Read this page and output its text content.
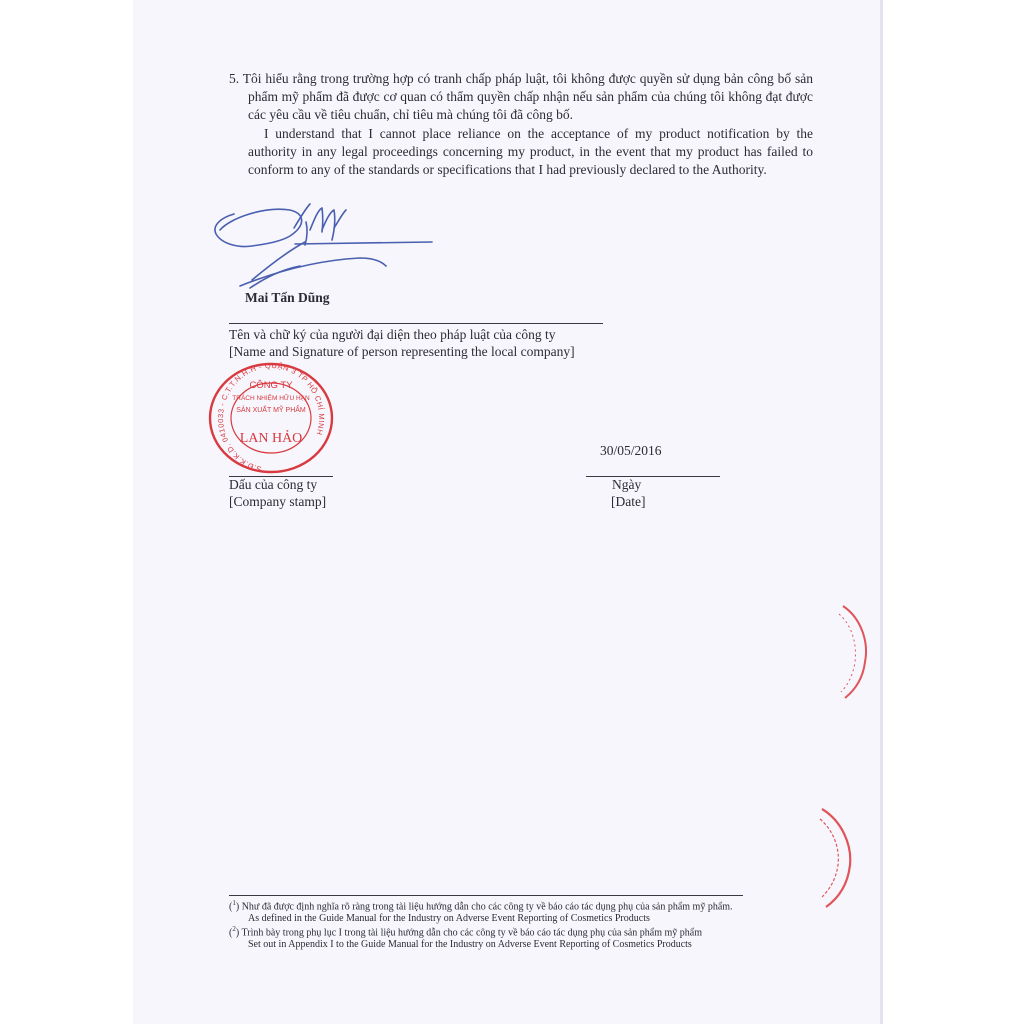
5. Tôi hiểu rằng trong trường hợp có tranh chấp pháp luật, tôi không được quyền sử dụng bản công bố sản phẩm mỹ phẩm đã được cơ quan có thẩm quyền chấp nhận nếu sản phẩm của chúng tôi không đạt được các yêu cầu về tiêu chuẩn, chỉ tiêu mà chúng tôi đã công bố.

I understand that I cannot place reliance on the acceptance of my product notification by the authority in any legal proceedings concerning my product, in the event that my product has failed to conform to any of the standards or specifications that I had previously declared to the Authority.

Mai Tấn Dũng
Tên và chữ ký của người đại diện theo pháp luật của công ty
[Name and Signature of person representing the local company]
S.Đ.K.K.D. 0410033 - C.T.T.N.H.H - QUẬN 3 TP HỒ CHÍ MINH
CÔNG TY
TRÁCH NHIỆM HỮU HẠN
SẢN XUẤT MỸ PHẨM
LAN HẢO
Dấu của công ty
[Company stamp]
30/05/2016
Ngày
[Date]
($^1$) Như đã được định nghĩa rõ ràng trong tài liệu hướng dẫn cho các công ty về báo cáo tác dụng phụ của sản phẩm mỹ phẩm.
As defined in the Guide Manual for the Industry on Adverse Event Reporting of Cosmetics Products
($^2$) Trình bày trong phụ lục I trong tài liệu hướng dẫn cho các công ty về báo cáo tác dụng phụ của sản phẩm mỹ phẩm
Set out in Appendix I to the Guide Manual for the Industry on Adverse Event Reporting of Cosmetics Products
